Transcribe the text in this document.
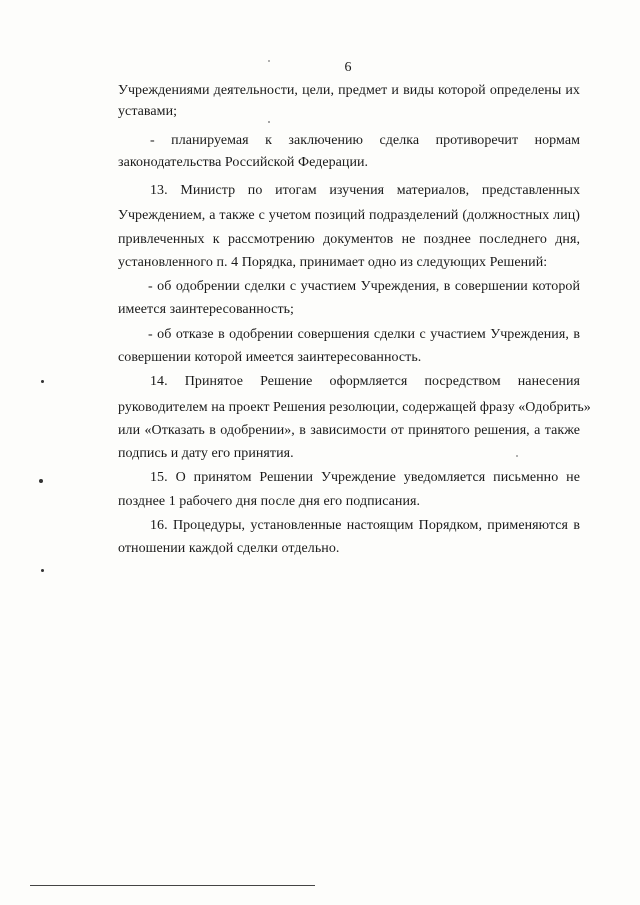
6
Учреждениями деятельности, цели, предмет и виды которой определены их
уставами;
- планируемая к заключению сделка противоречит нормам
законодательства Российской Федерации.
13. Министр по итогам изучения материалов, представленных
Учреждением, а также с учетом позиций подразделений (должностных лиц)
привлеченных к рассмотрению документов не позднее последнего дня,
установленного п. 4 Порядка, принимает одно из следующих Решений:
- об одобрении сделки с участием Учреждения, в совершении которой
имеется заинтересованность;
- об отказе в одобрении совершения сделки с участием Учреждения, в
совершении которой имеется заинтересованность.
14. Принятое Решение оформляется посредством нанесения
руководителем на проект Решения резолюции, содержащей фразу «Одобрить»
или «Отказать в одобрении», в зависимости от принятого решения, а также
подпись и дату его принятия.
15. О принятом Решении Учреждение уведомляется письменно не
позднее 1 рабочего дня после дня его подписания.
16. Процедуры, установленные настоящим Порядком, применяются в
отношении каждой сделки отдельно.
